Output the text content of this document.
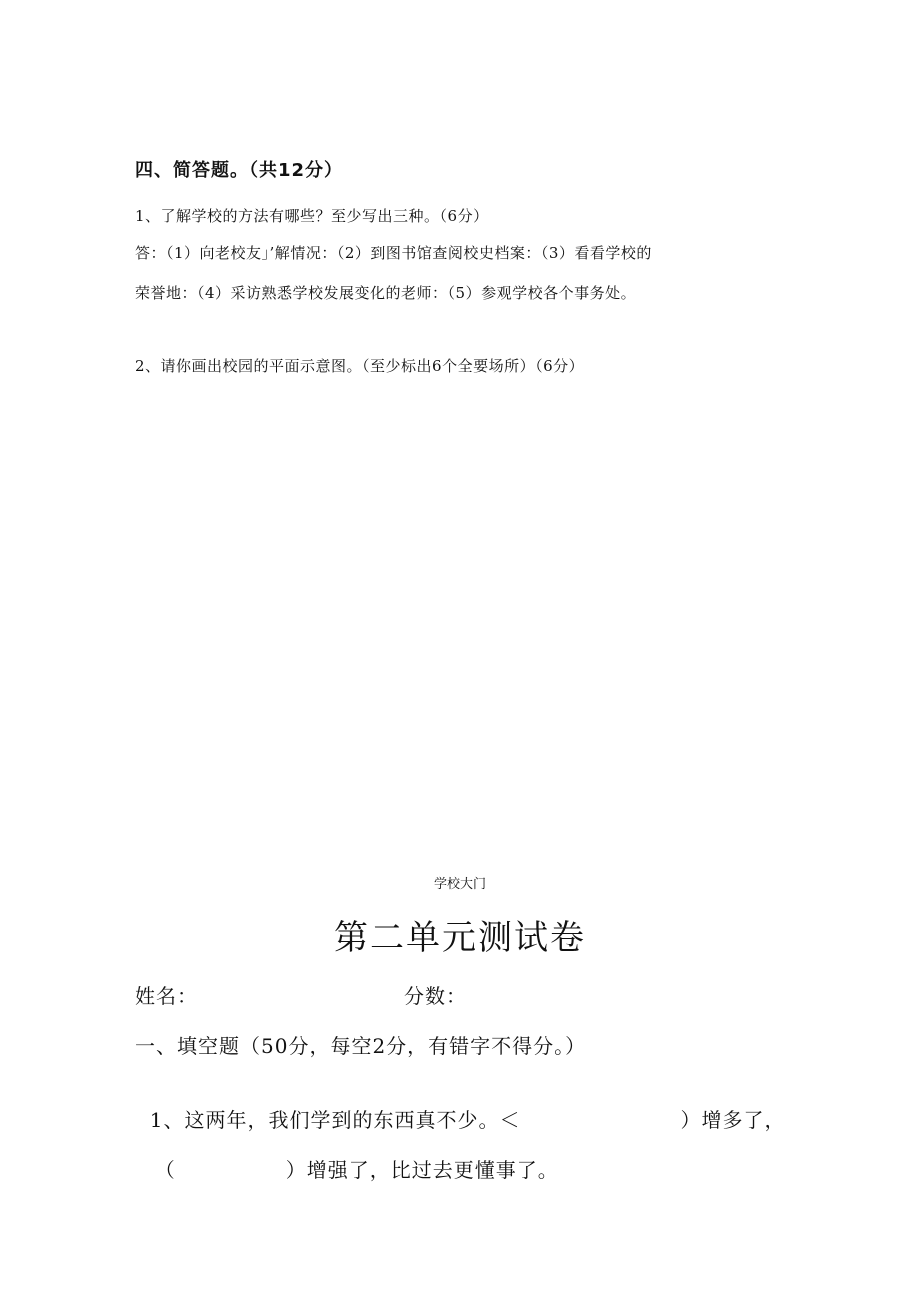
四、简答题。（共12分）
1、了解学校的方法有哪些？至少写出三种。（6分）
答：（1）向老校友」’解情况：（2）到图书馆查阅校史档案：（3）看看学校的
荣誉地：（4）采访熟悉学校发展变化的老师：（5）参观学校各个事务处。
2、请你画出校园的平面示意图。（至少标出6个全要场所）（6分）
学校大门
第二单元测试卷
姓名：	分数：
一、填空题（50分，每空2分，有错字不得分。）

1、这两年，我们学到的东西真不少。＜	）增多了，

（	）增强了，比过去更懂事了。
